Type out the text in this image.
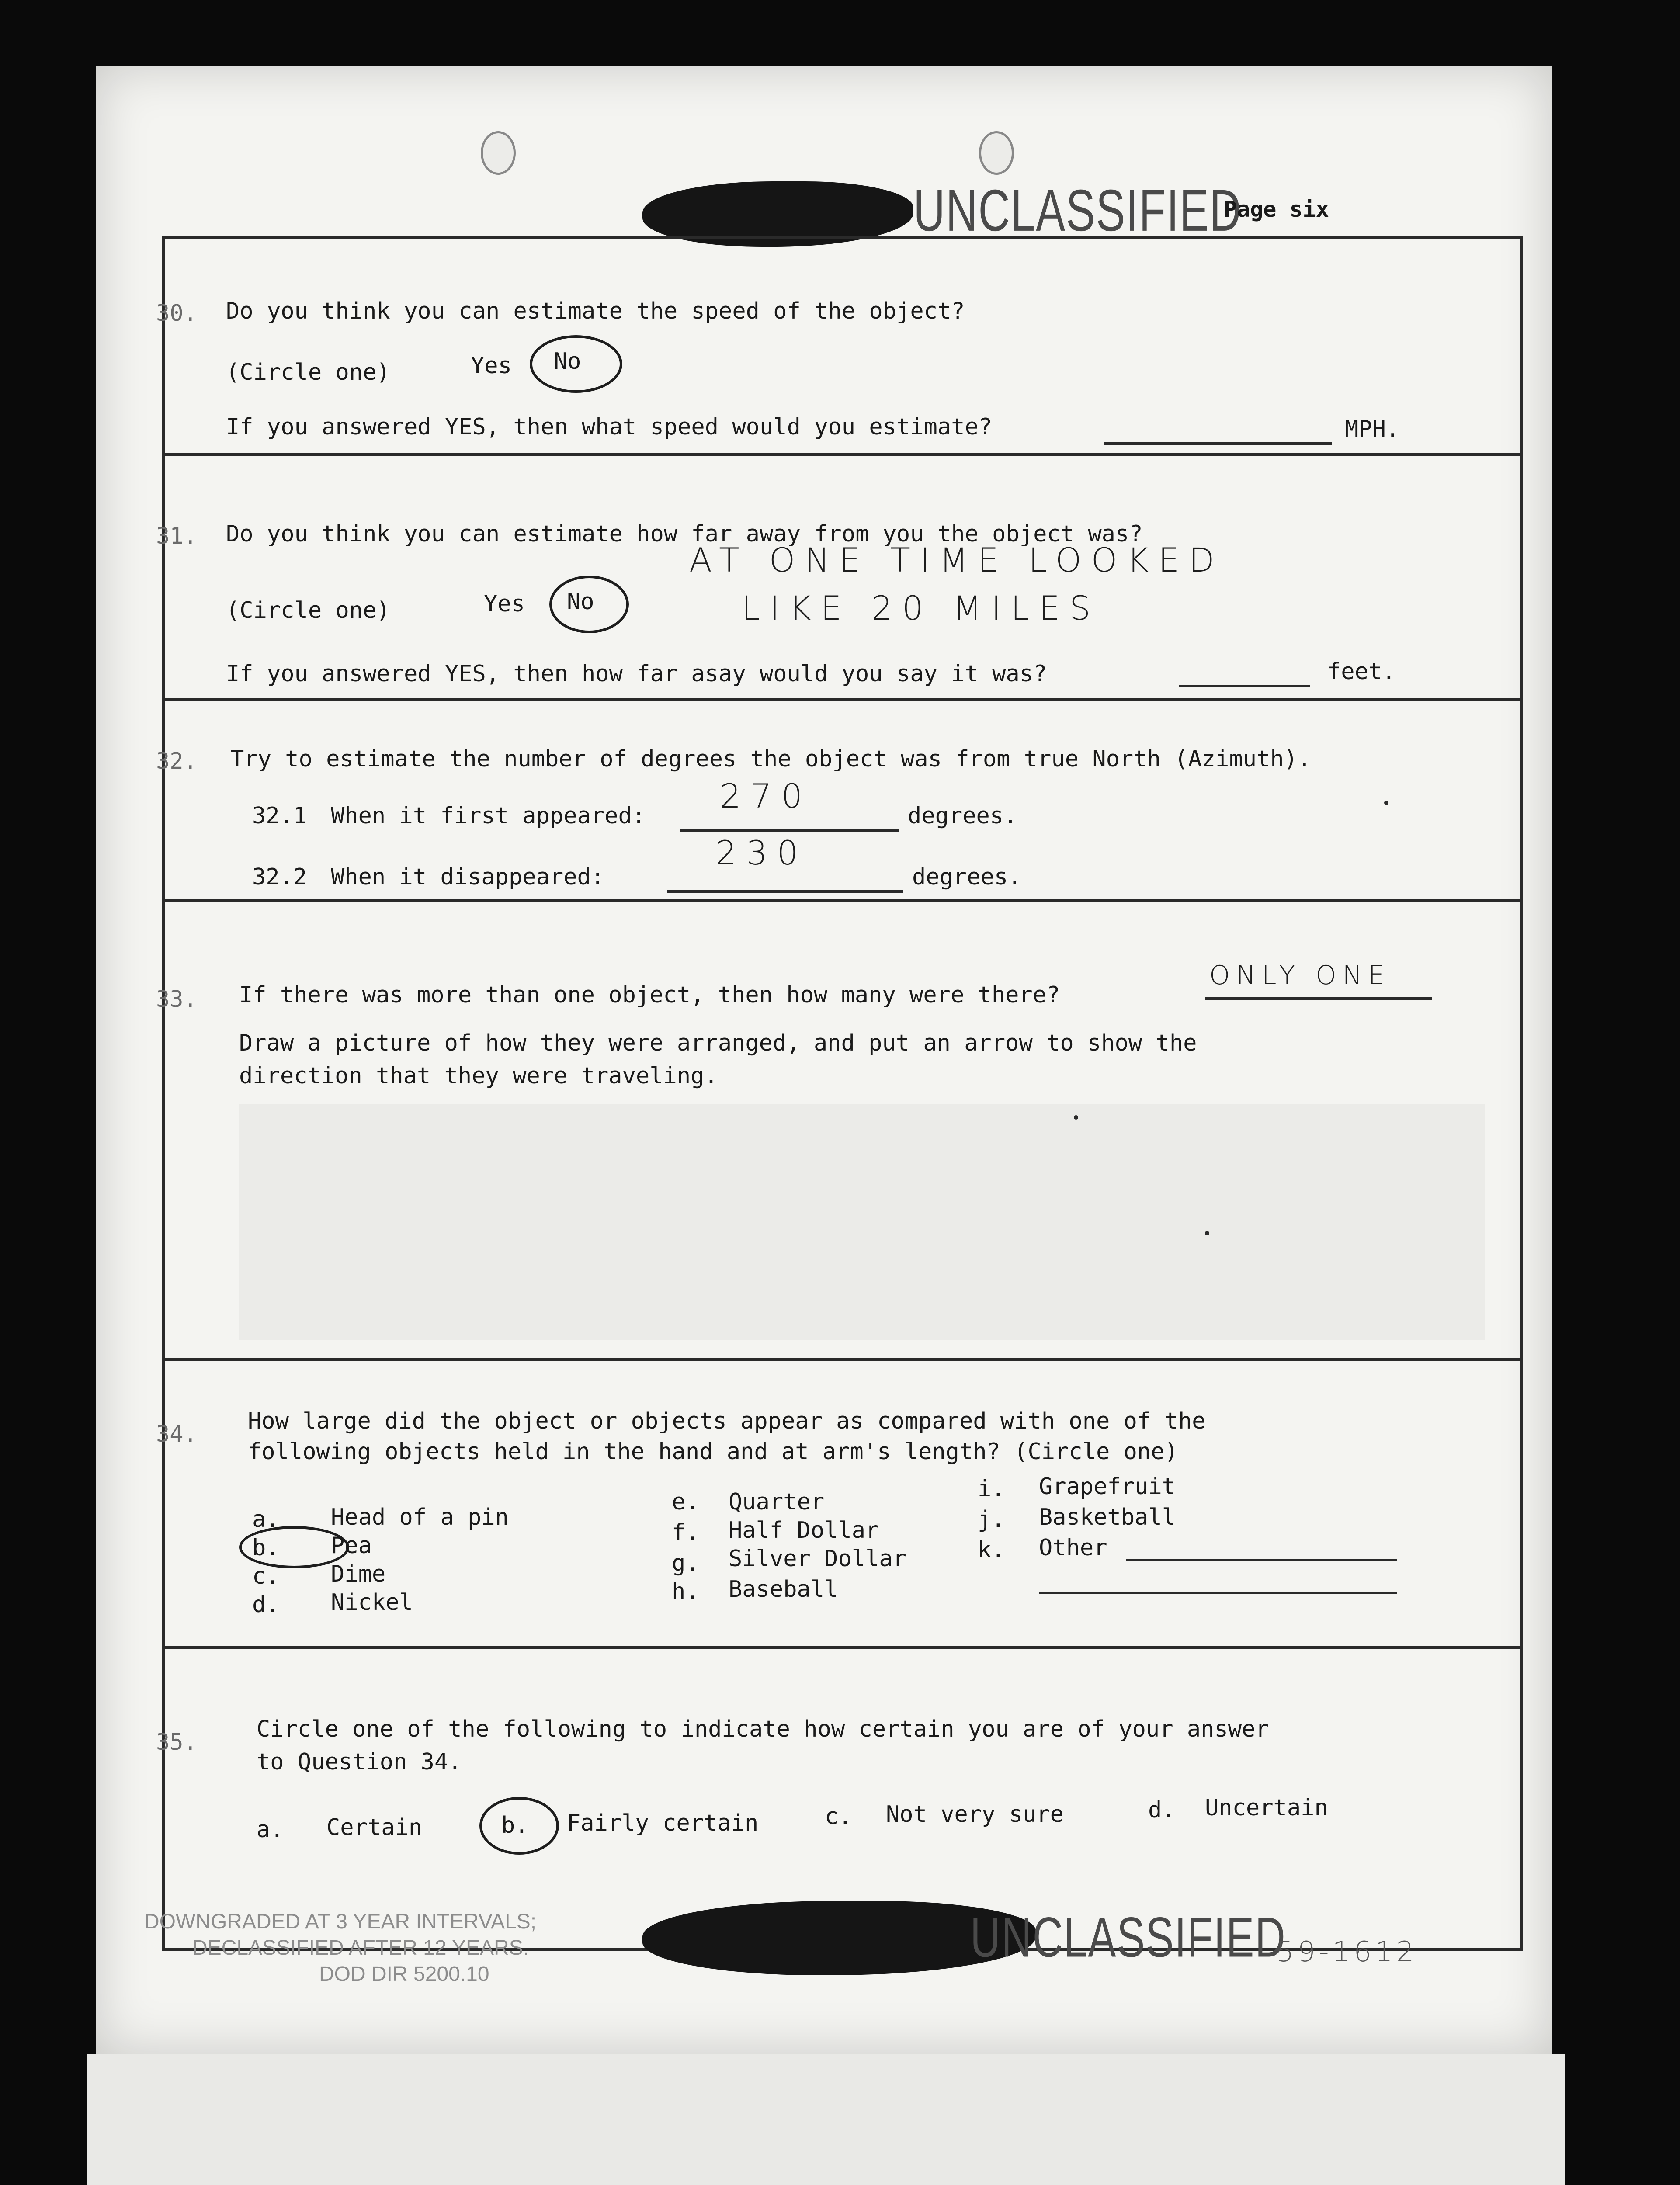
UNCLASSIFIED
Page six
30. Do you think you can estimate the speed of the object?
(Circle one)	Yes No
If you answered YES, then what speed would you estimate?	MPH.
31. Do you think you can estimate how far away from you the object was?
(Circle one)	Yes No
AT ONE TIME LOOKED
LIKE 20 MILES
If you answered YES, then how far asay would you say it was?	feet.
32. Try to estimate the number of degrees the object was from true North (Azimuth).
32.1 When it first appeared:
270
degrees.
32.2 When it disappeared:
230
degrees.
33. If there was more than one object, then how many were there?
ONLY ONE
Draw a picture of how they were arranged, and put an arrow to show the
direction that they were traveling.
34. How large did the object or objects appear as compared with one of the
following objects held in the hand and at arm's length? (Circle one)
a. Head of a pin
b. Pea
c. Dime
d. Nickel
e. Quarter
f. Half Dollar
g. Silver Dollar
h. Baseball
i. Grapefruit
j. Basketball
k. Other
35.	Circle one of the following to indicate how certain you are of your answer
to Question 34.
a. Certain	b. Fairly certain	c. Not very sure	d. Uncertain
DOWNGRADED AT 3 YEAR INTERVALS;
DECLASSIFIED AFTER 12 YEARS.
DOD DIR 5200.10
UNCLASSIFIED
59-1612
